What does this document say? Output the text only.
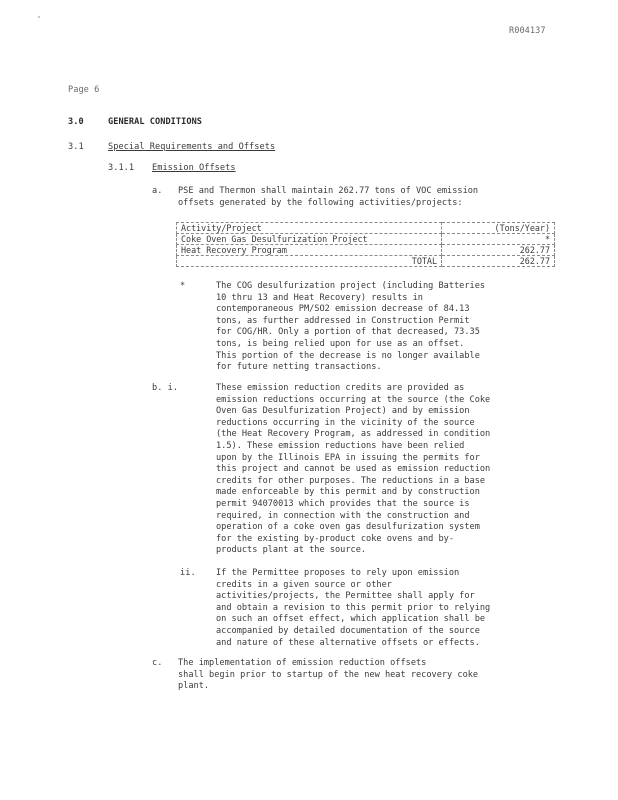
R004137
Page 6
3.0	GENERAL CONDITIONS
3.1	Special Requirements and Offsets
3.1.1 Emission Offsets
a. PSE and Thermon shall maintain 262.77 tons of VOC emission
offsets generated by the following activities/projects:
Activity/Project	(Tons/Year)
Coke Oven Gas Desulfurization Project	*
Heat Recovery Program	262.77
TOTAL	262.77
*	The COG desulfurization project (including Batteries
10 thru 13 and Heat Recovery) results in
contemporaneous PM/SO2 emission decrease of 84.13
tons, as further addressed in Construction Permit
for COG/HR. Only a portion of that decreased, 73.35
tons, is being relied upon for use as an offset.
This portion of the decrease is no longer available
for future netting transactions.
b. i.	These emission reduction credits are provided as
emission reductions occurring at the source (the Coke
Oven Gas Desulfurization Project) and by emission
reductions occurring in the vicinity of the source
(the Heat Recovery Program, as addressed in condition
1.5). These emission reductions have been relied
upon by the Illinois EPA in issuing the permits for
this project and cannot be used as emission reduction
credits for other purposes. The reductions in a base
made enforceable by this permit and by construction
permit 94070013 which provides that the source is
required, in connection with the construction and
operation of a coke oven gas desulfurization system
for the existing by-product coke ovens and by-
products plant at the source.
ii. If the Permittee proposes to rely upon emission
credits in a given source or other
activities/projects, the Permittee shall apply for
and obtain a revision to this permit prior to relying
on such an offset effect, which application shall be
accompanied by detailed documentation of the source
and nature of these alternative offsets or effects.
c. The implementation of emission reduction offsets
shall begin prior to startup of the new heat recovery coke
plant.
